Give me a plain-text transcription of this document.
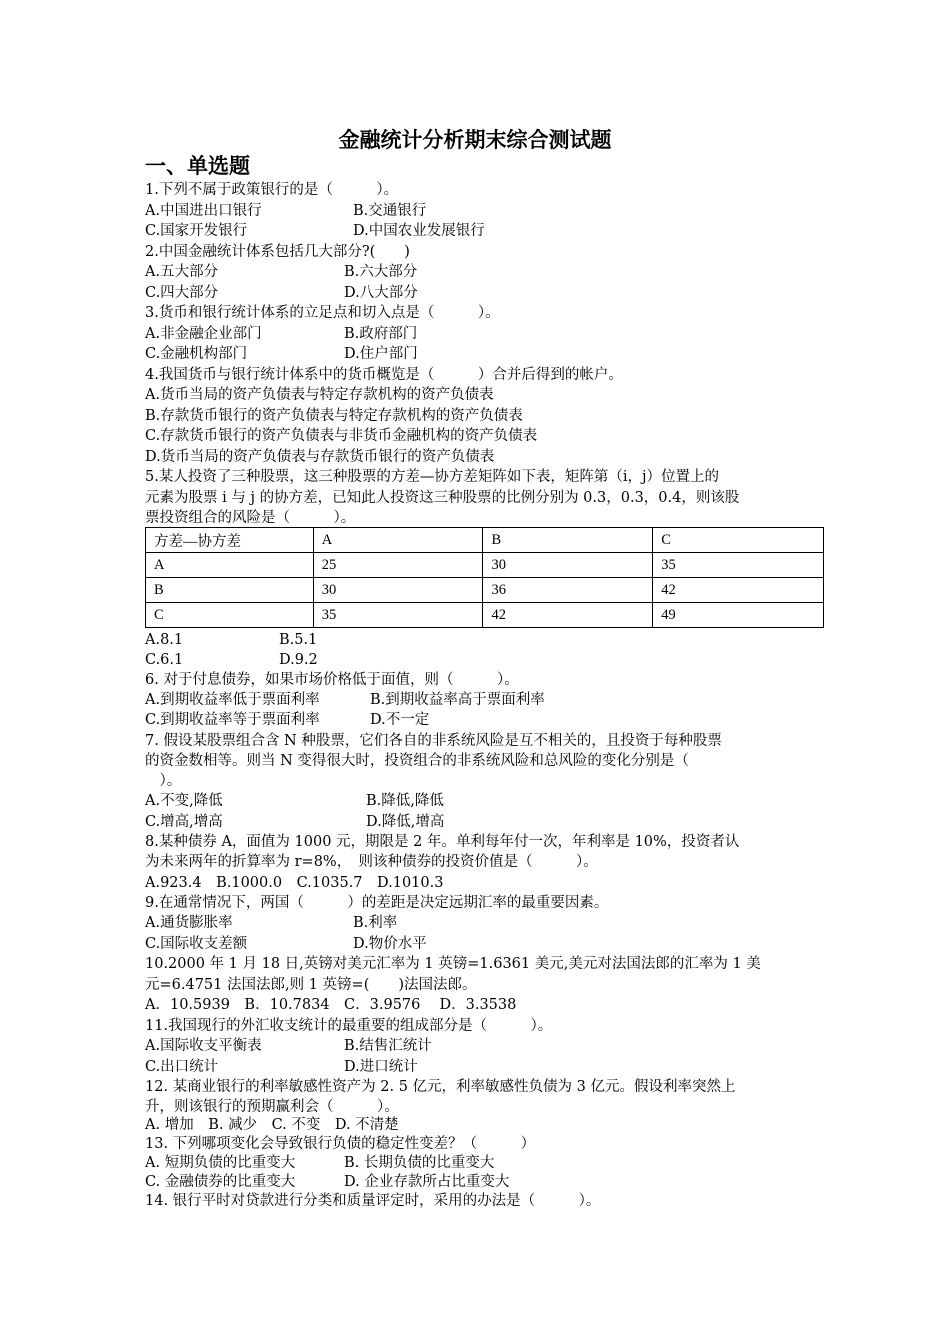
金融统计分析期末综合测试题
一、单选题
1.下列不属于政策银行的是（　　　）。
A.中国进出口银行	B.交通银行
C.国家开发银行	D.中国农业发展银行
2.中国金融统计体系包括几大部分?(　　)
A.五大部分	B.六大部分
C.四大部分	D.八大部分
3.货币和银行统计体系的立足点和切入点是（　　　）。
A.非金融企业部门	B.政府部门
C.金融机构部门	D.住户部门
4.我国货币与银行统计体系中的货币概览是（　　　）合并后得到的帐户。
A.货币当局的资产负债表与特定存款机构的资产负债表
B.存款货币银行的资产负债表与特定存款机构的资产负债表
C.存款货币银行的资产负债表与非货币金融机构的资产负债表
D.货币当局的资产负债表与存款货币银行的资产负债表
5.某人投资了三种股票，这三种股票的方差—协方差矩阵如下表，矩阵第（i，j）位置上的
元素为股票 i 与 j 的协方差，已知此人投资这三种股票的比例分别为 0.3，0.3，0.4，则该股
票投资组合的风险是（　　　）。
A.8.1	B.5.1
C.6.1	D.9.2
6. 对于付息债券，如果市场价格低于面值，则（　　　）。
A.到期收益率低于票面利率	B.到期收益率高于票面利率
C.到期收益率等于票面利率	D.不一定
7. 假设某股票组合含 N 种股票，它们各自的非系统风险是互不相关的，且投资于每种股票
的资金数相等。则当 N 变得很大时，投资组合的非系统风险和总风险的变化分别是（
　）。
A.不变,降低	B.降低,降低
C.增高,增高	D.降低,增高
8.某种债券 A，面值为 1000 元，期限是 2 年。单利每年付一次，年利率是 10%，投资者认
为未来两年的折算率为 r=8%，　则该种债券的投资价值是（　　　）。
A.923.4　B.1000.0　C.1035.7　D.1010.3
9.在通常情况下，两国（　　　）的差距是决定远期汇率的最重要因素。
A.通货膨胀率	B.利率
C.国际收支差额	D.物价水平
10.2000 年 1 月 18 日,英镑对美元汇率为 1 英镑=1.6361 美元,美元对法国法郎的汇率为 1 美
元=6.4751 法国法郎,则 1 英镑=(　　)法国法郎。
A．10.5939　B．10.7834　C．3.9576　 D．3.3538
11.我国现行的外汇收支统计的最重要的组成部分是（　　　）。
A.国际收支平衡表	B.结售汇统计
C.出口统计	D.进口统计
12. 某商业银行的利率敏感性资产为 2. 5 亿元，利率敏感性负债为 3 亿元。假设利率突然上
升，则该银行的预期赢利会（　　　）。
A. 增加　B. 减少　C. 不变　D. 不清楚
13. 下列哪项变化会导致银行负债的稳定性变差？（　　　）
A. 短期负债的比重变大	B. 长期负债的比重变大
C. 金融债券的比重变大	D. 企业存款所占比重变大
14. 银行平时对贷款进行分类和质量评定时，采用的办法是（　　　）。
方差—协方差	A	B	C
A	25	30	35
B	30	36	42
C	35	42	49
